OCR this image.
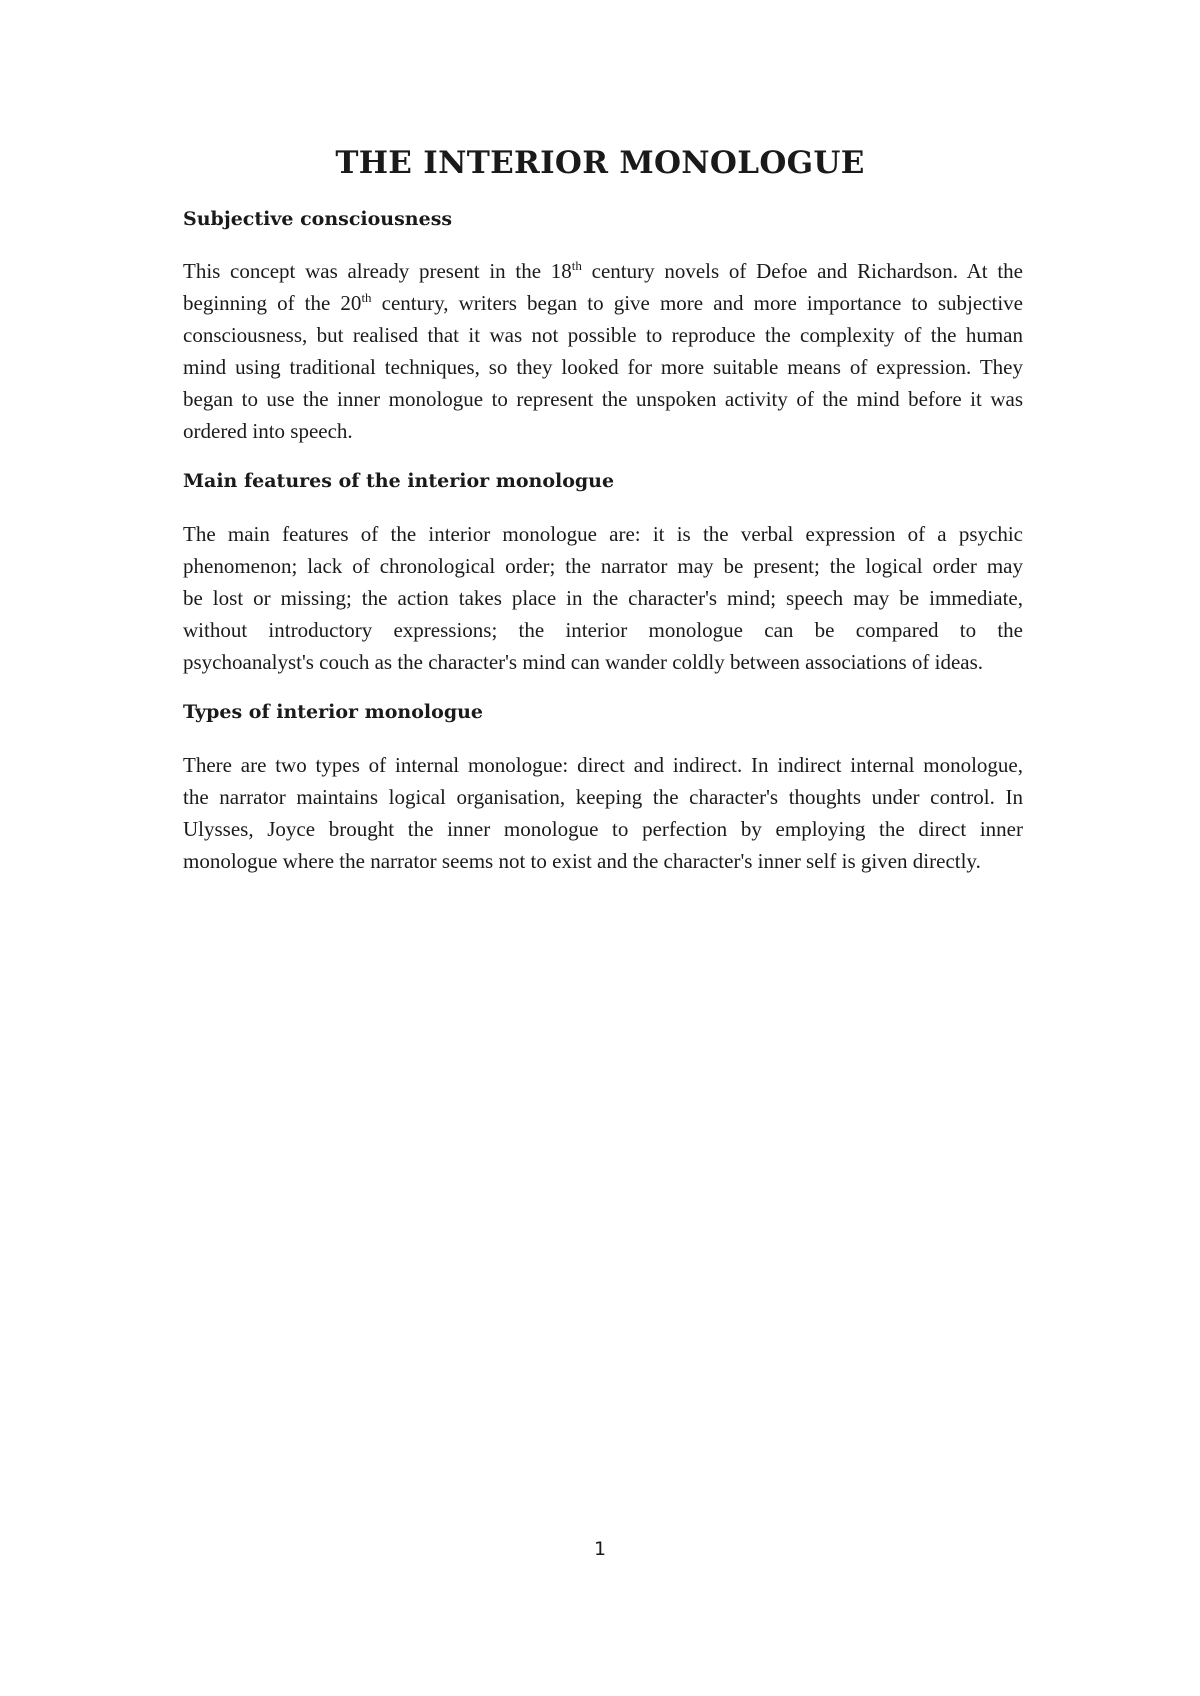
THE INTERIOR MONOLOGUE
Subjective consciousness

This concept was already present in the 18th century novels of Defoe and Richardson. At the
beginning of the 20th century, writers began to give more and more importance to subjective
consciousness, but realised that it was not possible to reproduce the complexity of the human
mind using traditional techniques, so they looked for more suitable means of expression. They
began to use the inner monologue to represent the unspoken activity of the mind before it was
ordered into speech.

Main features of the interior monologue

The main features of the interior monologue are: it is the verbal expression of a psychic
phenomenon; lack of chronological order; the narrator may be present; the logical order may
be lost or missing; the action takes place in the character's mind; speech may be immediate,
without introductory expressions; the interior monologue can be compared to the
psychoanalyst's couch as the character's mind can wander coldly between associations of ideas.

Types of interior monologue

There are two types of internal monologue: direct and indirect. In indirect internal monologue,
the narrator maintains logical organisation, keeping the character's thoughts under control. In
Ulysses, Joyce brought the inner monologue to perfection by employing the direct inner
monologue where the narrator seems not to exist and the character's inner self is given directly.

1
